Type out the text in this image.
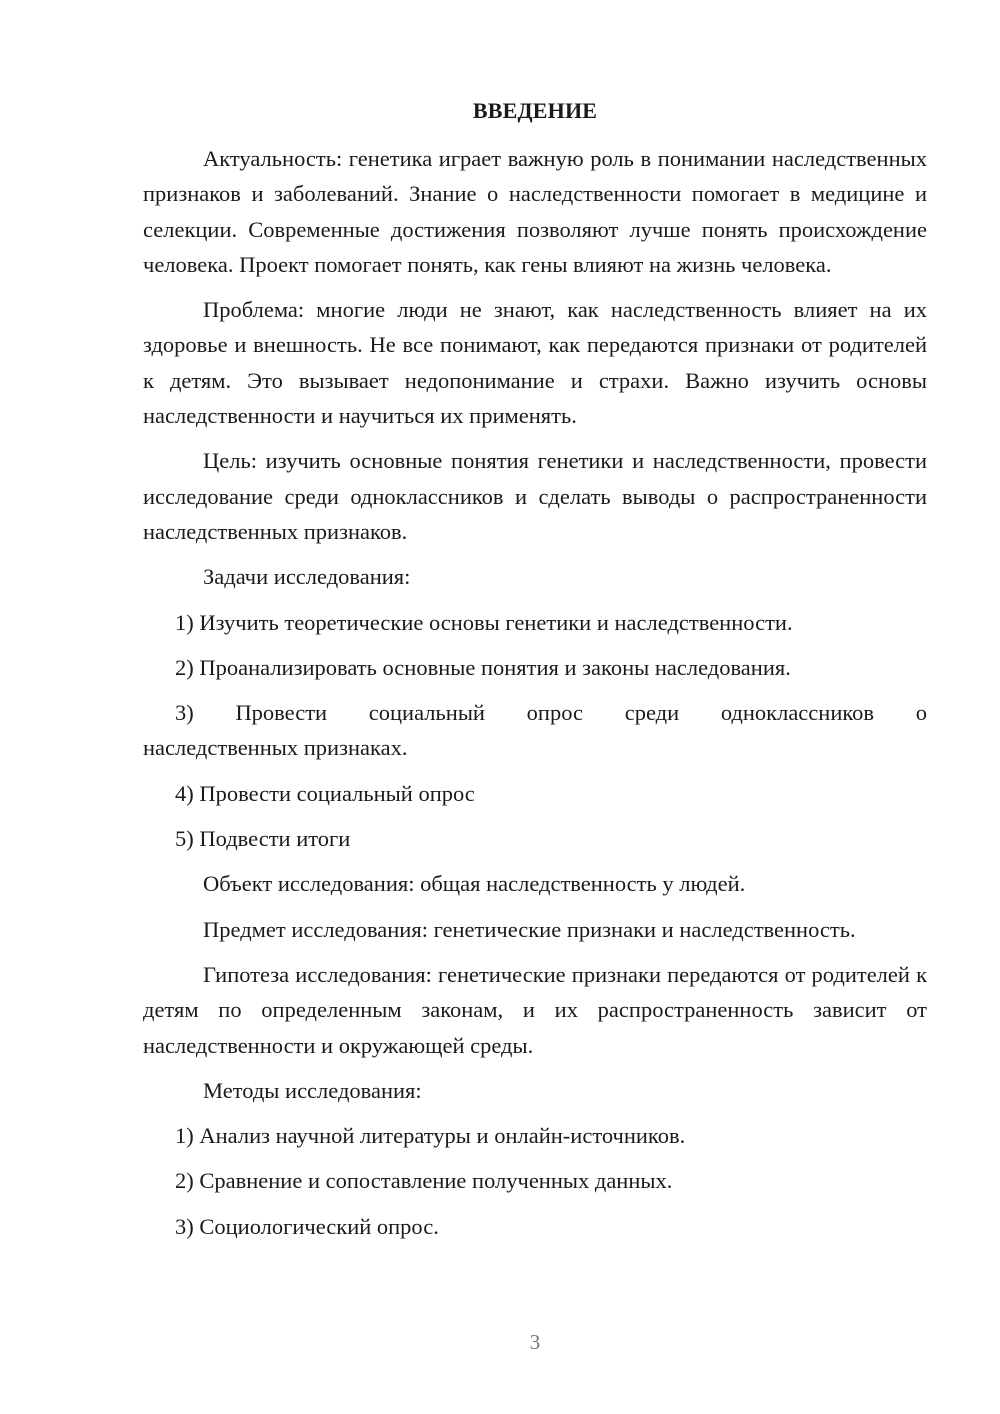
ВВЕДЕНИЕ

Актуальность: генетика играет важную роль в понимании наследственных признаков и заболеваний. Знание о наследственности помогает в медицине и селекции. Современные достижения позволяют лучше понять происхождение человека. Проект помогает понять, как гены влияют на жизнь человека.

Проблема: многие люди не знают, как наследственность влияет на их здоровье и внешность. Не все понимают, как передаются признаки от родителей к детям. Это вызывает недопонимание и страхи. Важно изучить основы наследственности и научиться их применять.

Цель: изучить основные понятия генетики и наследственности, провести исследование среди одноклассников и сделать выводы о распространенности наследственных признаков.

Задачи исследования:

1) Изучить теоретические основы генетики и наследственности.

2) Проанализировать основные понятия и законы наследования.

3) Провести социальный опрос среди одноклассников о
наследственных признаках.

4) Провести социальный опрос

5) Подвести итоги

Объект исследования: общая наследственность у людей.

Предмет исследования: генетические признаки и наследственность.

Гипотеза исследования: генетические признаки передаются от родителей к детям по определенным законам, и их распространенность зависит от наследственности и окружающей среды.

Методы исследования:

1) Анализ научной литературы и онлайн-источников.

2) Сравнение и сопоставление полученных данных.

3) Социологический опрос.

3
